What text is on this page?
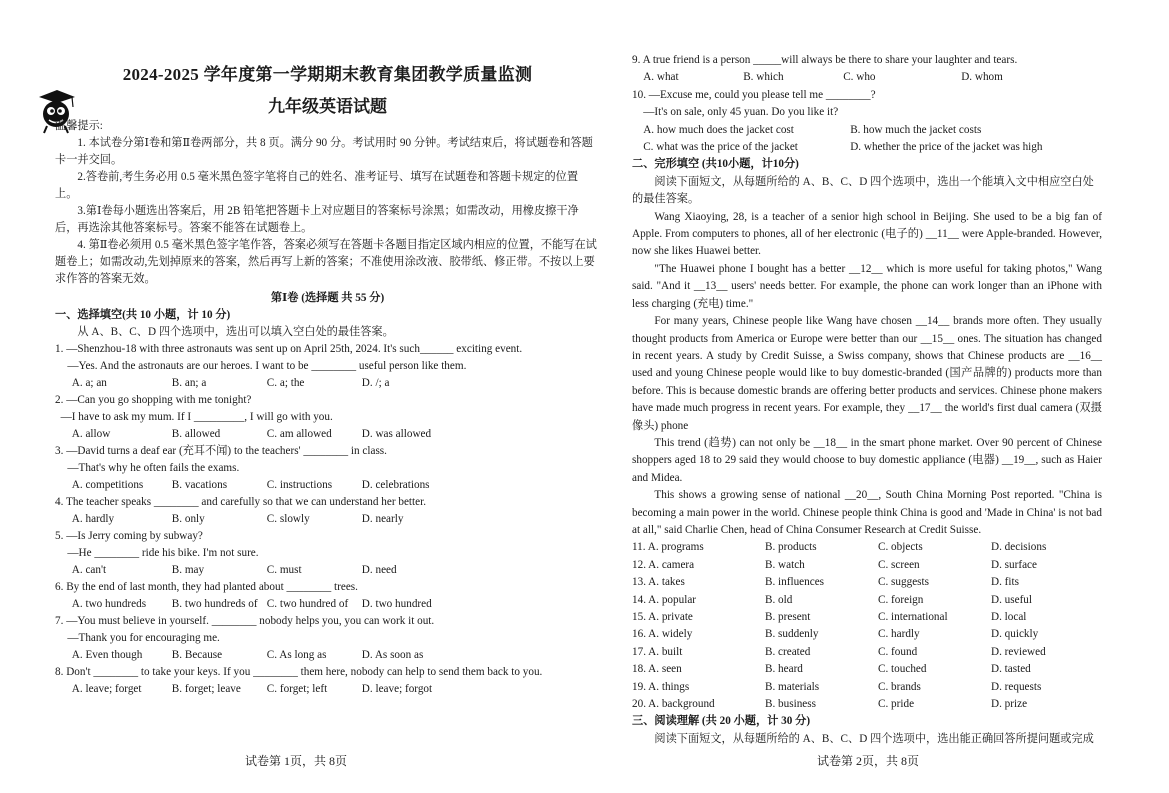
2024-2025 学年度第一学期期末教育集团教学质量监测
九年级英语试题

温馨提示:

1. 本试卷分第Ⅰ卷和第Ⅱ卷两部分，共 8 页。满分 90 分。考试用时 90 分钟。考试结束后，将试题卷和答题卡一并交回。

2.答卷前,考生务必用 0.5 毫米黑色签字笔将自己的姓名、准考证号、填写在试题卷和答题卡规定的位置上。

3.第Ⅰ卷每小题选出答案后，用 2B 铅笔把答题卡上对应题目的答案标号涂黑；如需改动，用橡皮擦干净后，再选涂其他答案标号。答案不能答在试题卷上。

4. 第Ⅱ卷必须用 0.5 毫米黑色签字笔作答，答案必须写在答题卡各题目指定区域内相应的位置，不能写在试题卷上；如需改动,先划掉原来的答案，然后再写上新的答案；不准使用涂改液、胶带纸、修正带。不按以上要求作答的答案无效。

第Ⅰ卷 (选择题 共 55 分)

一、选择填空(共 10 小题，计 10 分)

从 A、B、C、D 四个选项中，选出可以填入空白处的最佳答案。

1. —Shenzhou-18 with three astronauts was sent up on April 25th, 2024. It's such______ exciting event.

—Yes. And the astronauts are our heroes. I want to be ________ useful person like them.

A. a; an	B. an; a	C. a; the	D. /; a

2. —Can you go shopping with me tonight?

—I have to ask my mum. If I _________, I will go with you.

A. allow	B. allowed	C. am allowed	D. was allowed

3. —David turns a deaf ear (充耳不闻) to the teachers' ________ in class.

—That's why he often fails the exams.

A. competitions	B. vacations	C. instructions	D. celebrations

4. The teacher speaks ________ and carefully so that we can understand her better.

A. hardly	B. only	C. slowly	D. nearly

5. —Is Jerry coming by subway?

—He ________ ride his bike. I'm not sure.

A. can't	B. may	C. must	D. need

6. By the end of last month, they had planted about ________ trees.

A. two hundreds	B. two hundreds of C. two hundred of	D. two hundred

7. —You must believe in yourself. ________ nobody helps you, you can work it out.

—Thank you for encouraging me.

A. Even though	B. Because	C. As long as	D. As soon as

8. Don't ________ to take your keys. If you ________ them here, nobody can help to send them back to you.

A. leave; forget	B. forget; leave	C. forget; left	D. leave; forgot
试卷第 1页，共 8页

9. A true friend is a person _____will always be there to share your laughter and tears.

A. what	B. which	C. who	D. whom

10. —Excuse me, could you please tell me ________?

—It's on sale, only 45 yuan. Do you like it?

A. how much does the jacket cost	B. how much the jacket costs
C. what was the price of the jacket	D. whether the price of the jacket was high

二、完形填空 (共10小题，计10分)

阅读下面短文，从每题所给的 A、B、C、D 四个选项中，选出一个能填入文中相应空白处的最佳答案。

Wang Xiaoying, 28, is a teacher of a senior high school in Beijing. She used to be a big fan of Apple. From computers to phones, all of her electronic (电子的) __11__ were Apple-branded. However, now she likes Huawei better.

"The Huawei phone I bought has a better __12__ which is more useful for taking photos," Wang said. "And it __13__ users' needs better. For example, the phone can work longer than an iPhone with less charging (充电) time."

For many years, Chinese people like Wang have chosen __14__ brands more often. They usually thought products from America or Europe were better than our __15__ ones. The situation has changed in recent years. A study by Credit Suisse, a Swiss company, shows that Chinese products are __16__ used and young Chinese people would like to buy domestic-branded (国产品牌的) products more than before. This is because domestic brands are offering better products and services. Chinese phone makers have made much progress in recent years. For example, they __17__ the world's first dual camera (双摄像头) phone

This trend (趋势) can not only be __18__ in the smart phone market. Over 90 percent of Chinese shoppers aged 18 to 29 said they would choose to buy domestic appliance (电器) __19__, such as Haier and Midea.

This shows a growing sense of national __20__, South China Morning Post reported. "China is becoming a main power in the world. Chinese people think China is good and 'Made in China' is not bad at all," said Charlie Chen, head of China Consumer Research at Credit Suisse.

11. A. programs	B. products	C. objects	D. decisions
12. A. camera	B. watch	C. screen	D. surface
13. A. takes	B. influences	C. suggests	D. fits
14. A. popular	B. old	C. foreign	D. useful
15. A. private	B. present	C. international	D. local
16. A. widely	B. suddenly	C. hardly	D. quickly
17. A. built	B. created	C. found	D. reviewed
18. A. seen	B. heard	C. touched	D. tasted
19. A. things	B. materials	C. brands	D. requests
20. A. background	B. business	C. pride	D. prize

三、阅读理解 (共 20 小题，计 30 分)

阅读下面短文，从每题所给的 A、B、C、D 四个选项中，选出能正确回答所提问题或完成

试卷第 2页，共 8页
